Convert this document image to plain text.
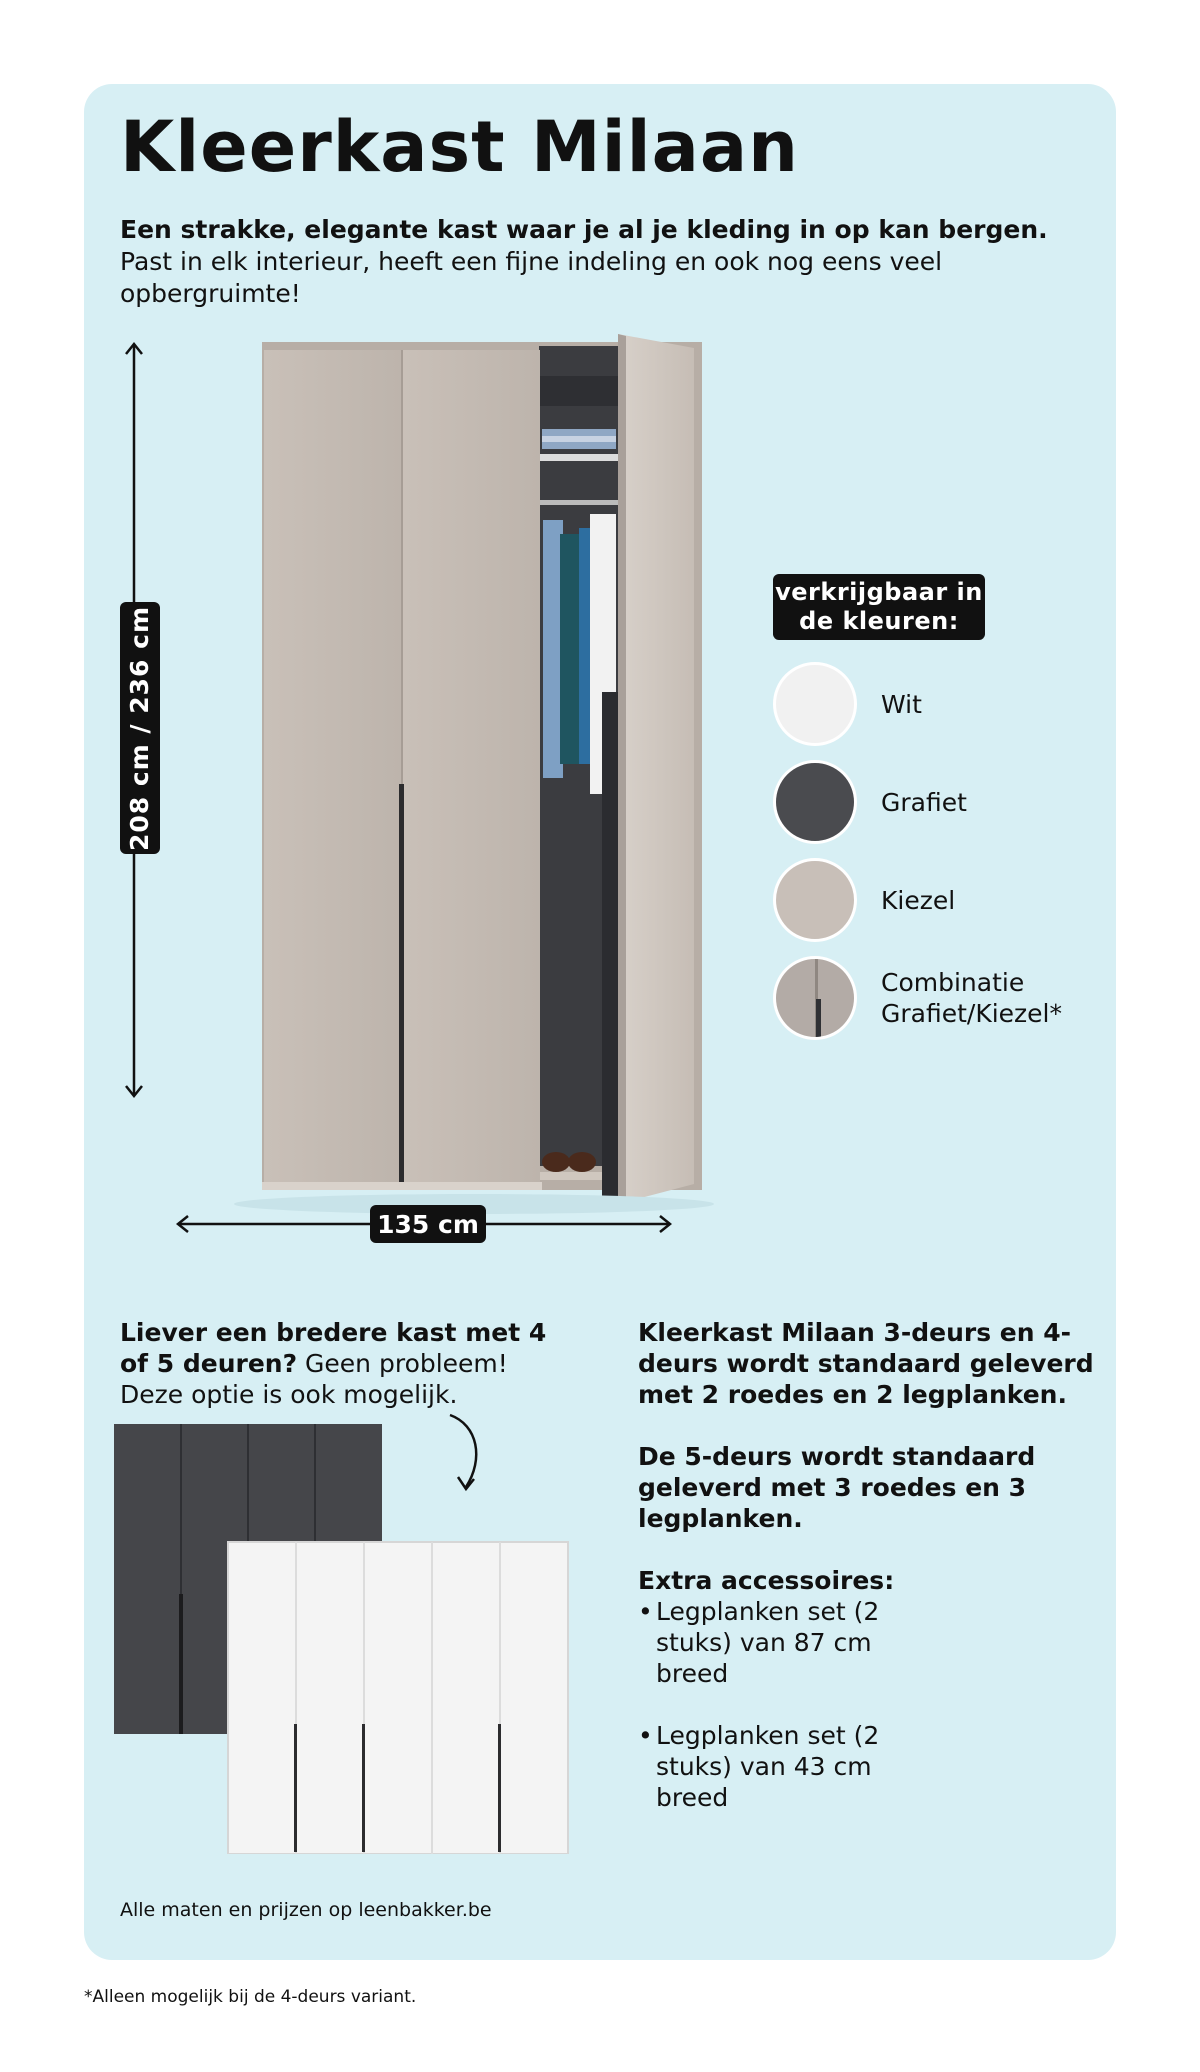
Kleerkast Milaan
Een strakke, elegante kast waar je al je kleding in op kan bergen. Past in elk interieur, heeft een fijne indeling en ook nog eens veel opbergruimte!
208 cm / 236 cm
135 cm
verkrijgbaar in de kleuren:
Wit
Grafiet
Kiezel
Combinatie Grafiet/Kiezel*
Liever een bredere kast met 4 of 5 deuren? Geen probleem! Deze optie is ook mogelijk.
Kleerkast Milaan 3-deurs en 4-deurs wordt standaard geleverd met 2 roedes en 2 legplanken.
De 5-deurs wordt standaard geleverd met 3 roedes en 3 legplanken.
Extra accessoires:
• Legplanken set (2 stuks) van 87 cm breed
• Legplanken set (2 stuks) van 43 cm breed
Alle maten en prijzen op leenbakker.be
*Alleen mogelijk bij de 4-deurs variant.
